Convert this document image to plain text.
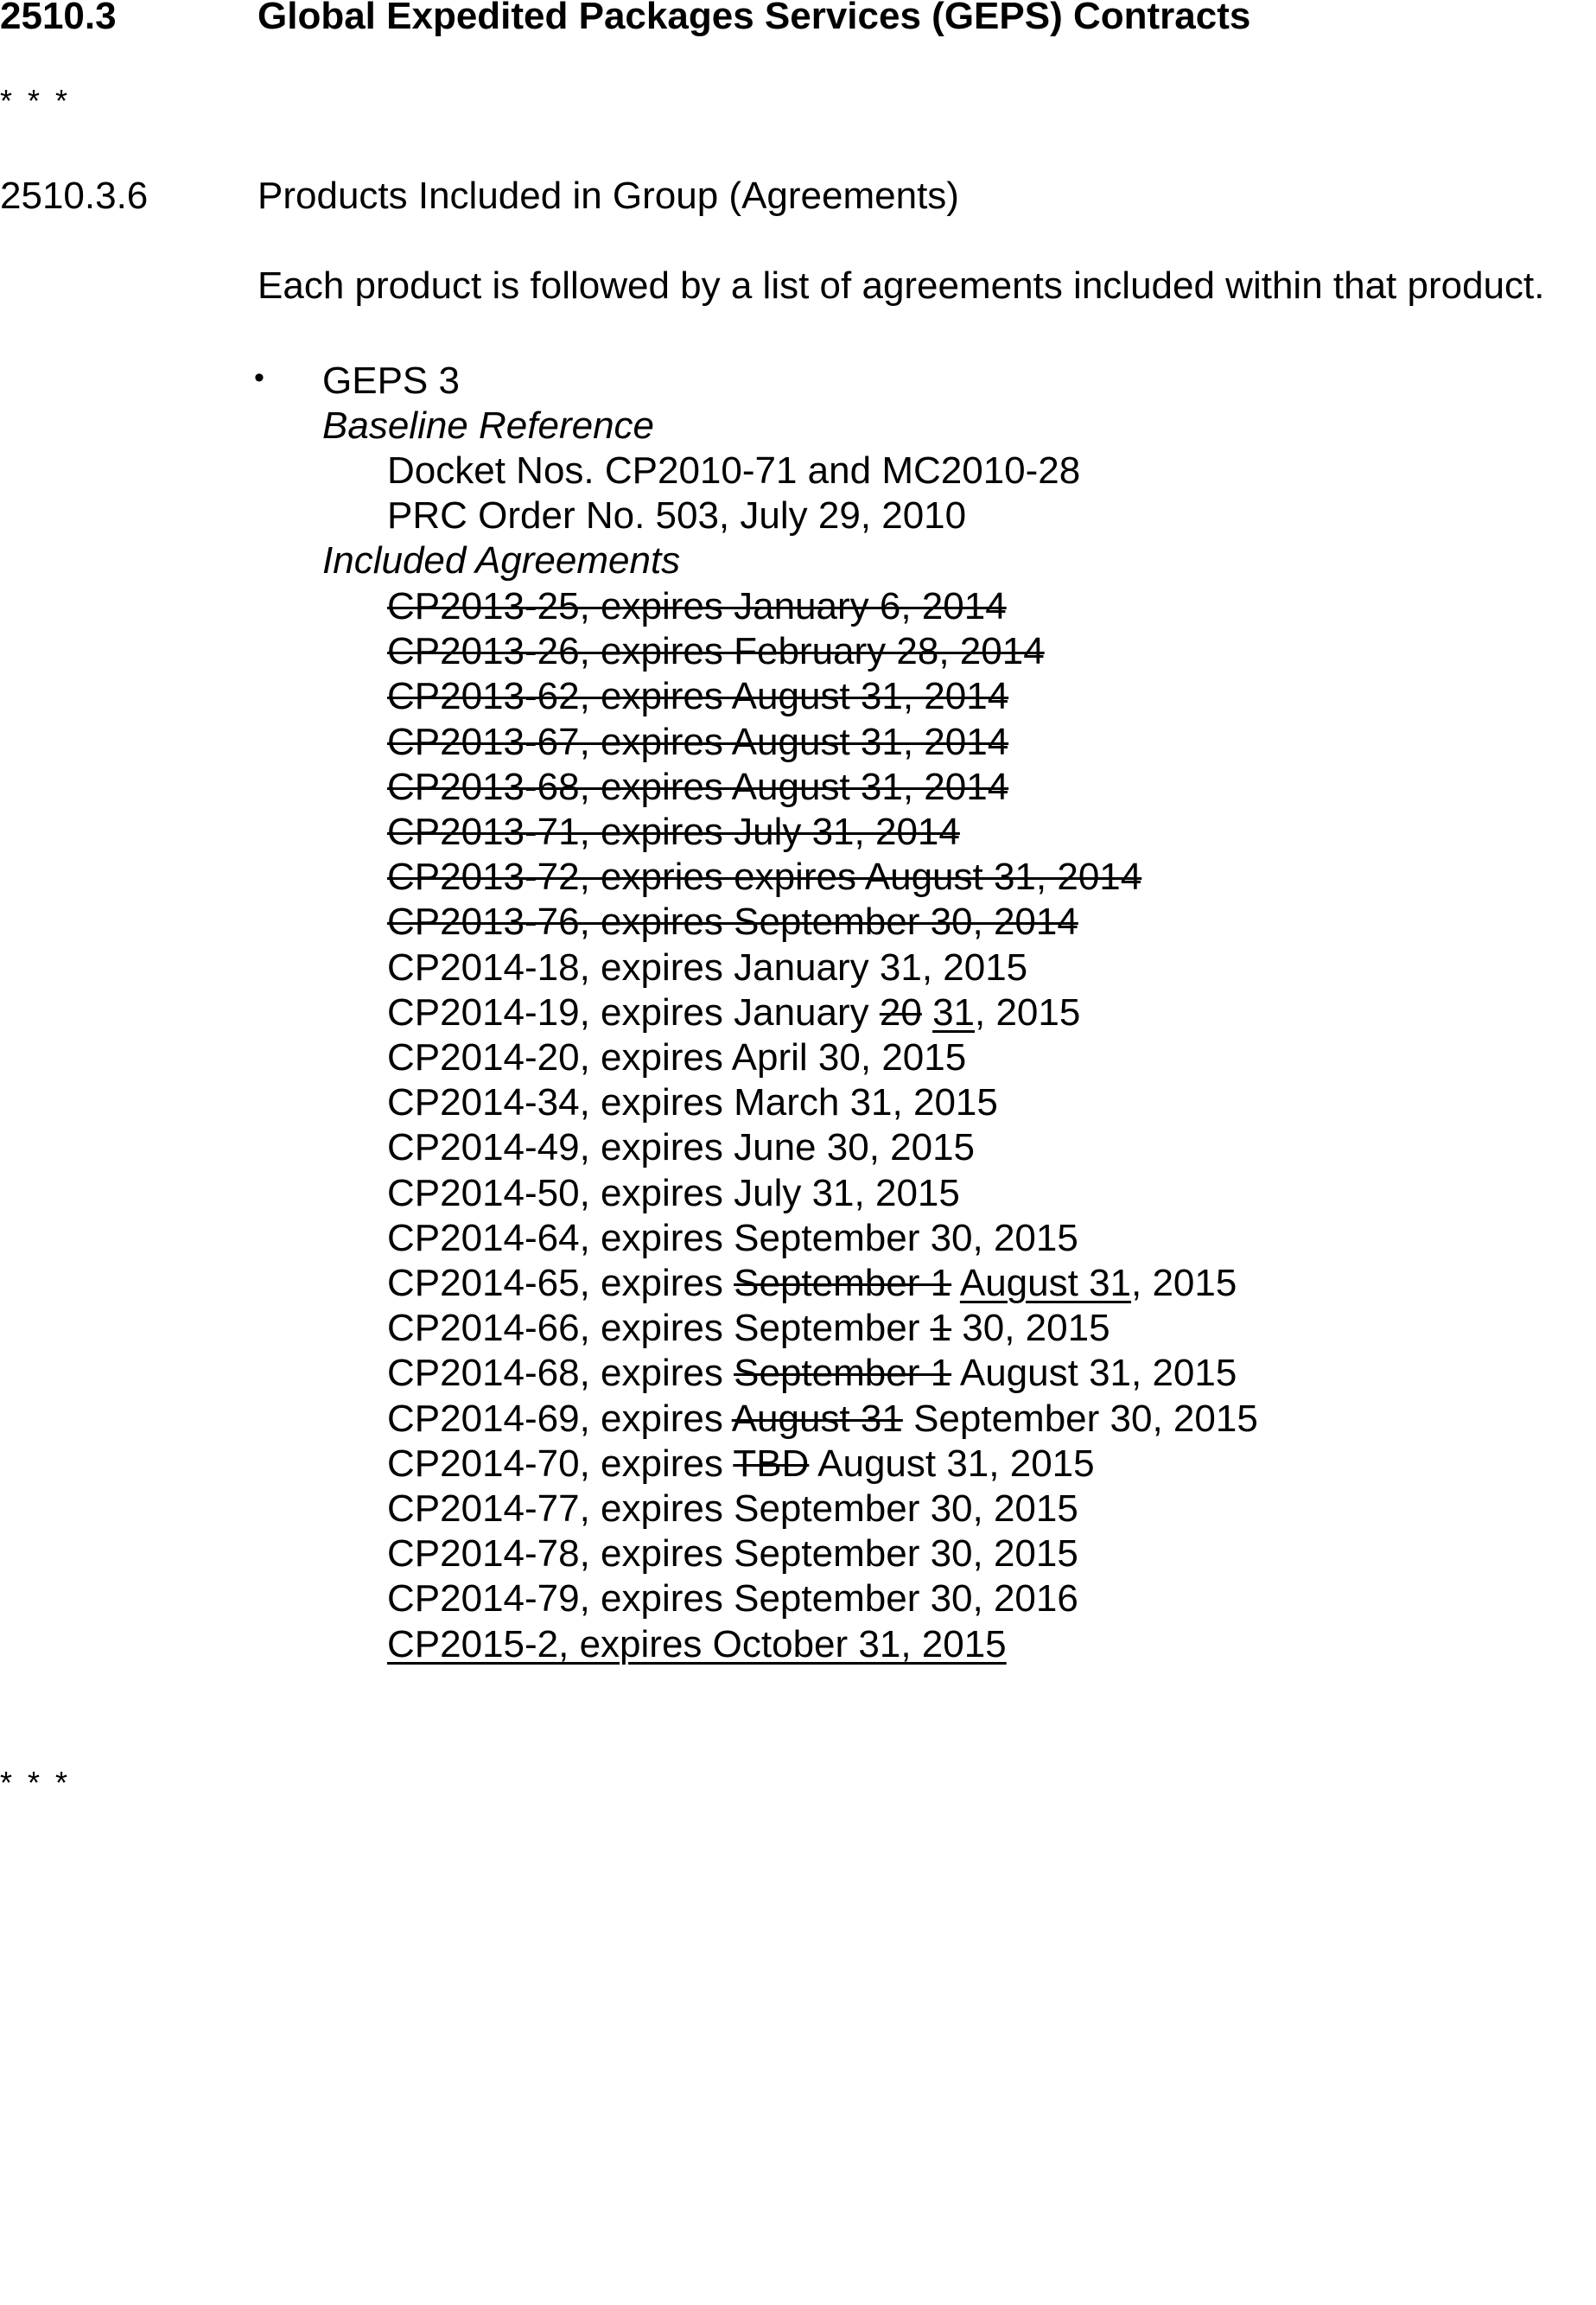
2510.3	Global Expedited Packages Services (GEPS) Contracts
* * *
2510.3.6	Products Included in Group (Agreements)
Each product is followed by a list of agreements included within that product.
• GEPS 3
Baseline Reference
Docket Nos. CP2010-71 and MC2010-28
PRC Order No. 503, July 29, 2010
Included Agreements
CP2013-25, expires January 6, 2014
CP2013-26, expires February 28, 2014
CP2013-62, expires August 31, 2014
CP2013-67, expires August 31, 2014
CP2013-68, expires August 31, 2014
CP2013-71, expires July 31, 2014
CP2013-72, expries expires August 31, 2014
CP2013-76, expires September 30, 2014
CP2014-18, expires January 31, 2015
CP2014-19, expires January 20 31, 2015
CP2014-20, expires April 30, 2015
CP2014-34, expires March 31, 2015
CP2014-49, expires June 30, 2015
CP2014-50, expires July 31, 2015
CP2014-64, expires September 30, 2015
CP2014-65, expires September 1 August 31, 2015
CP2014-66, expires September 1 30, 2015
CP2014-68, expires September 1 August 31, 2015
CP2014-69, expires August 31 September 30, 2015
CP2014-70, expires TBD August 31, 2015
CP2014-77, expires September 30, 2015
CP2014-78, expires September 30, 2015
CP2014-79, expires September 30, 2016
CP2015-2, expires October 31, 2015
* * *
